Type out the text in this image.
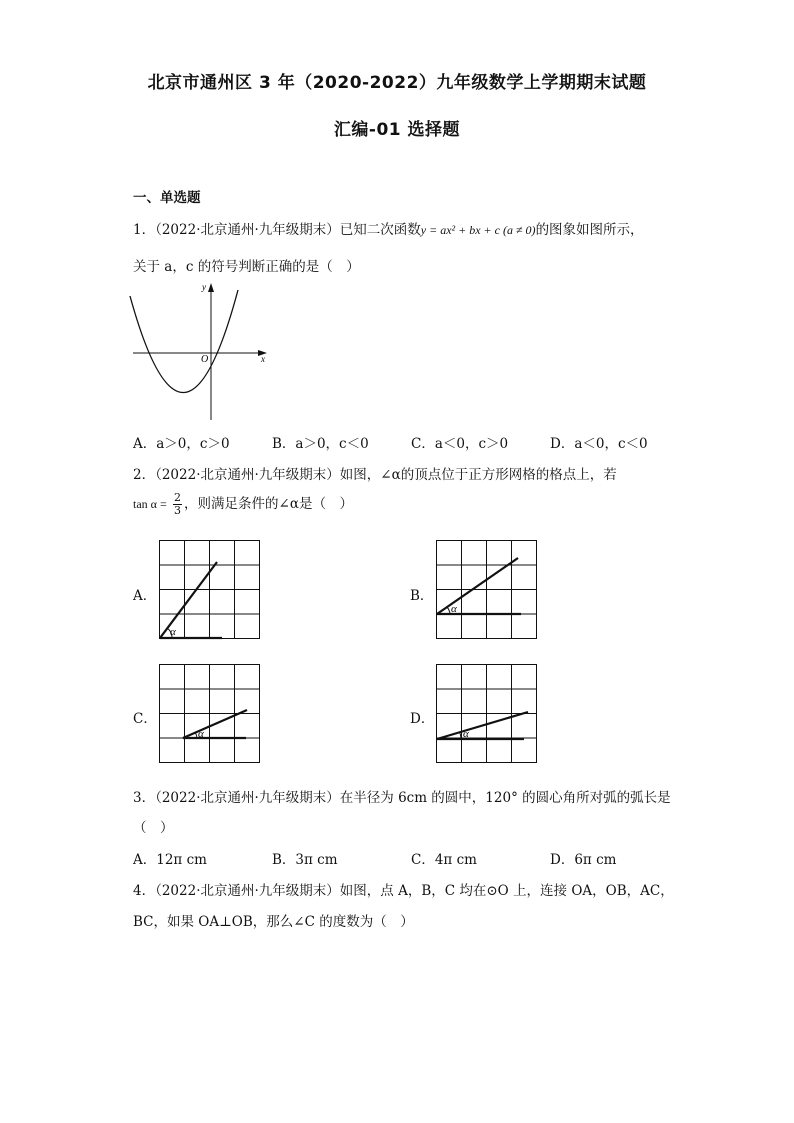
北京市通州区 3 年（2020-2022）九年级数学上学期期末试题
汇编-01 选择题
一、单选题
1．（2022·北京通州·九年级期末）已知二次函数y = ax² + bx + c (a ≠ 0)的图象如图所示，
关于 a，c 的符号判断正确的是（　）
y
x
O
A．a＞0，c＞0	B．a＞0，c＜0	C．a＜0，c＞0	D．a＜0，c＜0
2．（2022·北京通州·九年级期末）如图，∠α的顶点位于正方形网格的格点上，若
$\tan \alpha = \frac{2}{3}$ ，则满足条件的∠α是（　）
A．
α
B．
α
C．
α
D．
α
3．（2022·北京通州·九年级期末）在半径为 6cm 的圆中，120° 的圆心角所对弧的弧长是
（　）
A．12π cm	B．3π cm	C．4π cm	D．6π cm
4．（2022·北京通州·九年级期末）如图，点 A，B，C 均在⊙O 上，连接 OA，OB，AC，
BC，如果 OA⊥OB，那么∠C 的度数为（　）
